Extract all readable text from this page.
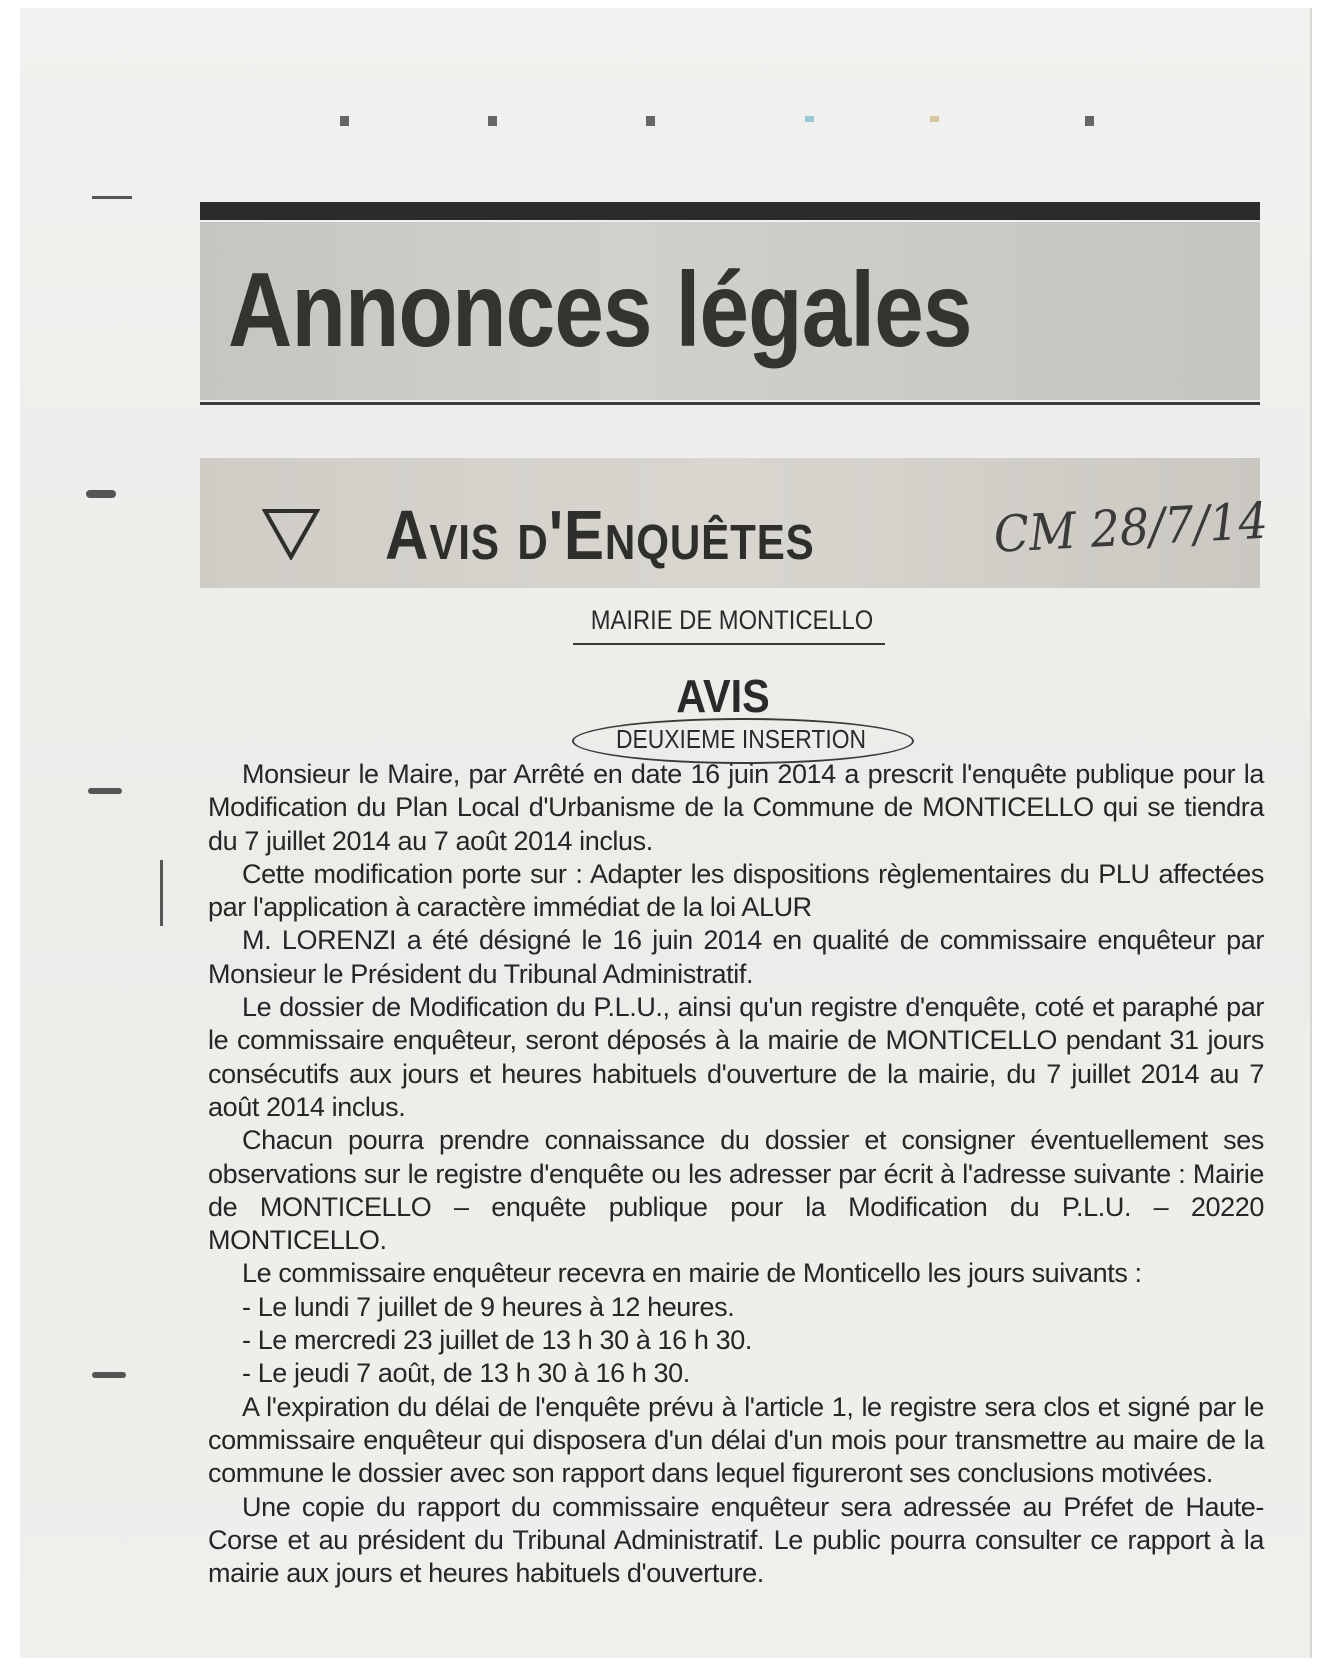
Annonces légales
Avis d'Enquêtes	CM 28/7/14
MAIRIE DE MONTICELLO
AVIS
DEUXIEME INSERTION

Monsieur le Maire, par Arrêté en date 16 juin 2014 a prescrit l'enquête publique pour la Modification du Plan Local d'Urbanisme de la Commune de MONTICELLO qui se tiendra du 7 juillet 2014 au 7 août 2014 inclus.

Cette modification porte sur : Adapter les dispositions règlementaires du PLU affectées par l'application à caractère immédiat de la loi ALUR

M. LORENZI a été désigné le 16 juin 2014 en qualité de commissaire enquêteur par Monsieur le Président du Tribunal Administratif.

Le dossier de Modification du P.L.U., ainsi qu'un registre d'enquête, coté et paraphé par le commissaire enquêteur, seront déposés à la mairie de MONTICELLO pendant 31 jours consécutifs aux jours et heures habituels d'ouverture de la mairie, du 7 juillet 2014 au 7 août 2014 inclus.

Chacun pourra prendre connaissance du dossier et consigner éventuellement ses observations sur le registre d'enquête ou les adresser par écrit à l'adresse suivante : Mairie de MONTICELLO – enquête publique pour la Modification du P.L.U. – 20220 MONTICELLO.

Le commissaire enquêteur recevra en mairie de Monticello les jours suivants :

- Le lundi 7 juillet de 9 heures à 12 heures.

- Le mercredi 23 juillet de 13 h 30 à 16 h 30.

- Le jeudi 7 août, de 13 h 30 à 16 h 30.

A l'expiration du délai de l'enquête prévu à l'article 1, le registre sera clos et signé par le commissaire enquêteur qui disposera d'un délai d'un mois pour transmettre au maire de la commune le dossier avec son rapport dans lequel figureront ses conclusions motivées.

Une copie du rapport du commissaire enquêteur sera adressée au Préfet de Haute-Corse et au président du Tribunal Administratif. Le public pourra consulter ce rapport à la mairie aux jours et heures habituels d'ouverture.
